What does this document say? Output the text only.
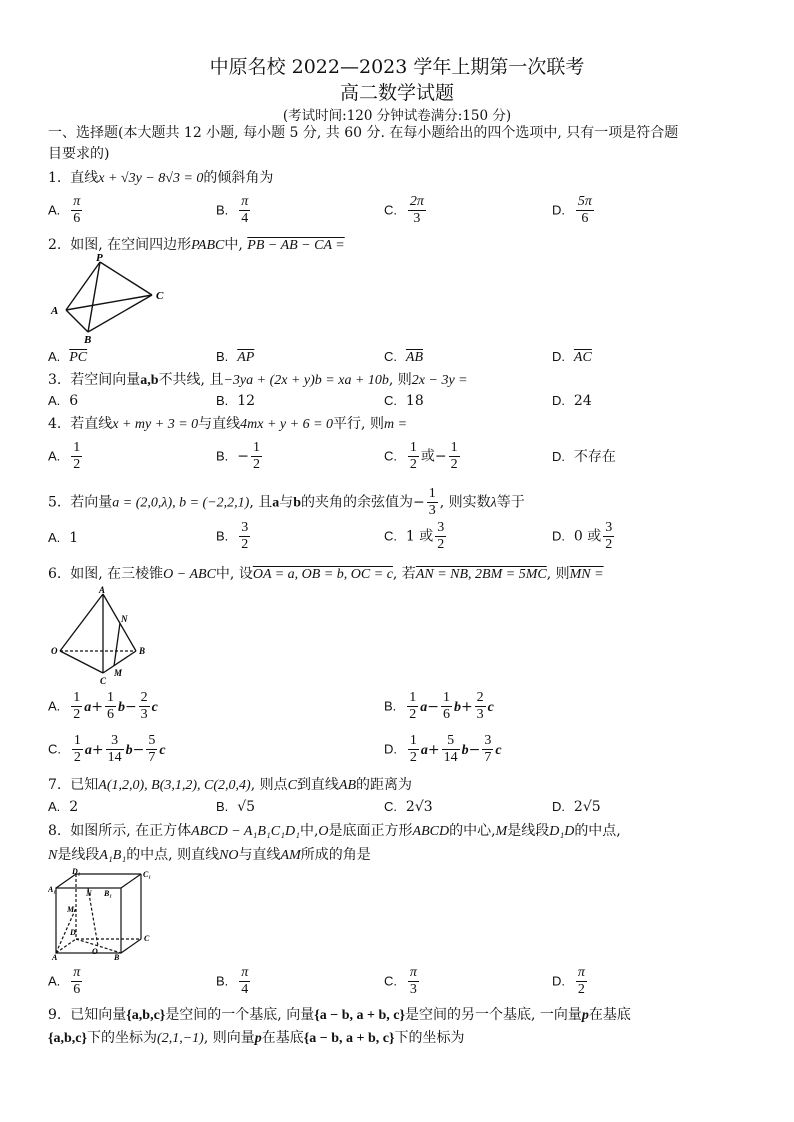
中原名校 2022—2023 学年上期第一次联考
高二数学试题
(考试时间:120 分钟试卷满分:150 分)
一、选择题(本大题共 12 小题, 每小题 5 分, 共 60 分. 在每小题给出的四个选项中, 只有一项是符合题
目要求的)
1. 直线x + √3y − 8√3 = 0的倾斜角为
A. $\frac{\pi}{6}$	B. $\frac{\pi}{4}$	C. $\frac{2\pi}{3}$	D. $\frac{5\pi}{6}$
2. 如图, 在空间四边形PABC中, PB − AB − CA =
P
A
B
C
A. $\overline{PC}$	B. $\overline{AP}$	C. $\overline{AB}$	D. $\overline{AC}$
3. 若空间向量a,b不共线, 且−3ya + (2x + y)b = xa + 10b, 则2x − 3y =
A. 6	B. 12	C. 18	D. 24
4. 若直线x + my + 3 = 0与直线4mx + y + 6 = 0平行, 则m =
A. $\frac{1}{2}$	B. − $\frac{1}{2}$	C. $\frac{1}{2}$ 或− $\frac{1}{2}$	D. 不存在
5. 若向量a = (2,0,λ), b = (−2,2,1), 且a与b的夹角的余弦值为− $\frac{1}{3}$ , 则实数λ等于
A. 1	B. $\frac{3}{2}$	C. 1 或 $\frac{3}{2}$	D. 0 或 $\frac{3}{2}$
6. 如图, 在三棱锥O − ABC中, 设OA = a, OB = b, OC = c, 若AN = NB, 2BM = 5MC, 则MN =
A
N
O	B
M
C
A. $\frac{1}{2} a+ \frac{1}{6} b- \frac{2}{3}$ c	B. $\frac{1}{2} a- \frac{1}{6} b+ \frac{2}{3}$ c
C. $\frac{1}{2} a+ \frac{3}{14} b- \frac{5}{7}$ c	D. $\frac{1}{2} a+ \frac{5}{14} b- \frac{3}{7}$ c
7. 已知A(1,2,0), B(3,1,2), C(2,0,4), 则点C到直线AB的距离为
A. 2	B. √5	C. 2√3	D. 2√5
8. 如图所示, 在正方体ABCD − A₁B₁C₁D₁中,O是底面正方形ABCD的中心,M是线段D₁D的中点,
N是线段A₁B₁的中点, 则直线NO与直线AM所成的角是
D₁	C₁
A₁	N B₁
M
D
C
O
A	B
A. $\frac{\pi}{6}$	B. $\frac{\pi}{4}$	C. $\frac{\pi}{3}$	D. $\frac{\pi}{2}$
9. 已知向量{a,b,c}是空间的一个基底, 向量{a − b, a + b, c}是空间的另一个基底, 一向量p在基底
{a,b,c}下的坐标为(2,1,−1), 则向量p在基底{a − b, a + b, c}下的坐标为
